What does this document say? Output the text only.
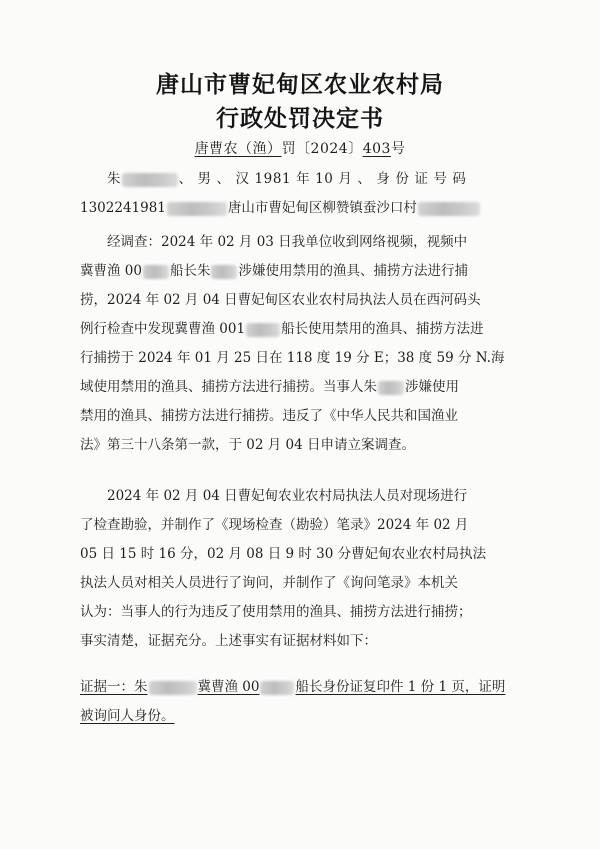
唐山市曹妃甸区农业农村局
行政处罚决定书
唐曹农（渔）罚〔2024〕403号
朱	、 男 、 汉 1981 年 10 月 、 身 份 证 号 码
1302241981	唐山市曹妃甸区柳赞镇蚕沙口村
经调查：2024 年 02 月 03 日我单位收到网络视频，视频中
冀曹渔 00 船长朱 涉嫌使用禁用的渔具、捕捞方法进行捕
捞，2024 年 02 月 04 日曹妃甸区农业农村局执法人员在西河码头
例行检查中发现冀曹渔 001	船长使用禁用的渔具、捕捞方法进
行捕捞于 2024 年 01 月 25 日在 118 度 19 分 E；38 度 59 分 N.海
域使用禁用的渔具、捕捞方法进行捕捞。当事人朱 涉嫌使用
禁用的渔具、捕捞方法进行捕捞。违反了《中华人民共和国渔业
法》第三十八条第一款，于 02 月 04 日申请立案调查。
2024 年 02 月 04 日曹妃甸农业农村局执法人员对现场进行
了检查勘验，并制作了《现场检查（勘验）笔录》2024 年 02 月
05 日 15 时 16 分，02 月 08 日 9 时 30 分曹妃甸农业农村局执法
执法人员对相关人员进行了询问，并制作了《询问笔录》本机关
认为：当事人的行为违反了使用禁用的渔具、捕捞方法进行捕捞；
事实清楚，证据充分。上述事实有证据材料如下：
证据一：朱	冀曹渔 00	船长身份证复印件 1 份 1 页，证明
被询问人身份。
